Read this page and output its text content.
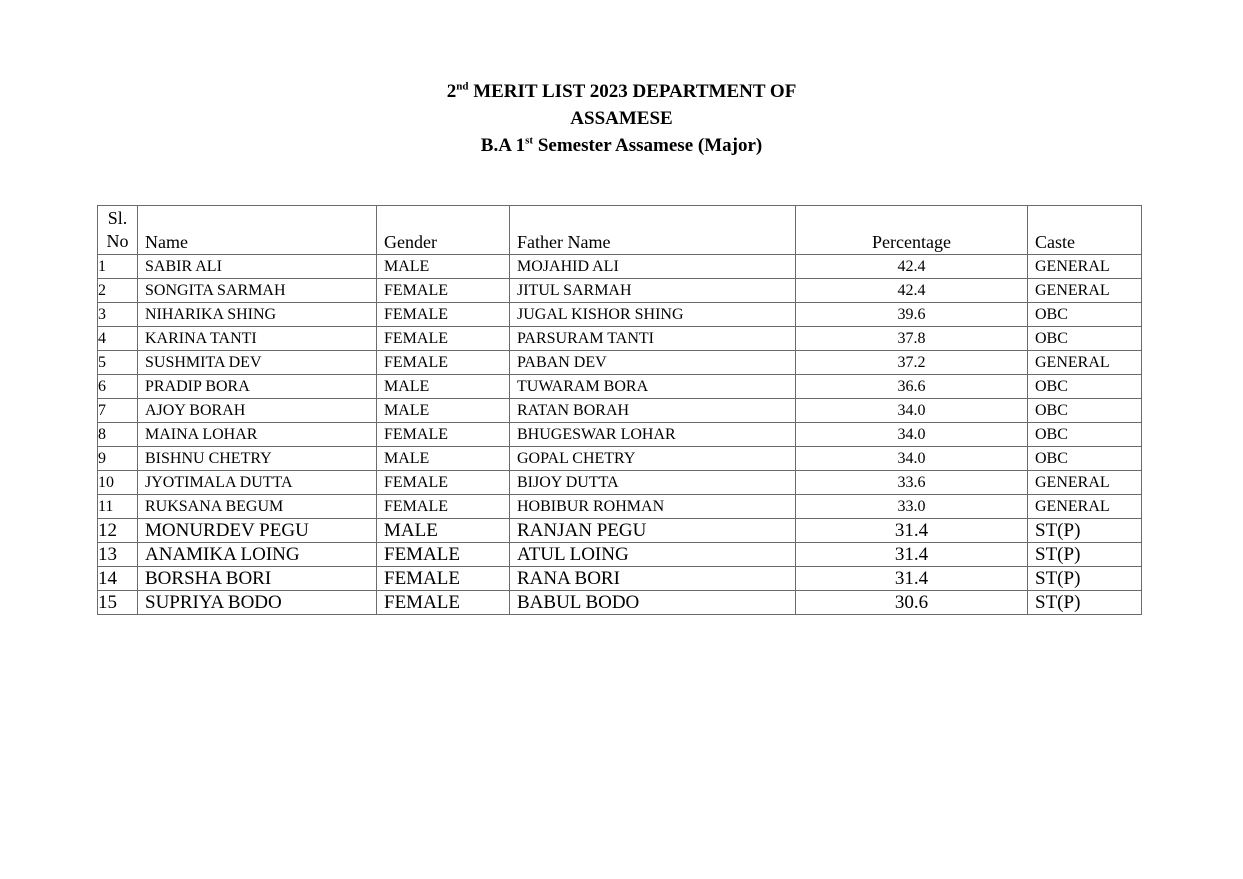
2nd MERIT LIST 2023 DEPARTMENT OF
ASSAMESE
B.A 1st Semester Assamese (Major)
Sl.
No	Name	Gender	Father Name	Percentage	Caste
1	SABIR ALI	MALE	MOJAHID ALI	42.4	GENERAL
2	SONGITA SARMAH	FEMALE	JITUL SARMAH	42.4	GENERAL
3	NIHARIKA SHING	FEMALE	JUGAL KISHOR SHING	39.6	OBC
4	KARINA TANTI	FEMALE	PARSURAM TANTI	37.8	OBC
5	SUSHMITA DEV	FEMALE	PABAN DEV	37.2	GENERAL
6	PRADIP BORA	MALE	TUWARAM BORA	36.6	OBC
7	AJOY BORAH	MALE	RATAN BORAH	34.0	OBC
8	MAINA LOHAR	FEMALE	BHUGESWAR LOHAR	34.0	OBC
9	BISHNU CHETRY	MALE	GOPAL CHETRY	34.0	OBC
10	JYOTIMALA DUTTA	FEMALE	BIJOY DUTTA	33.6	GENERAL
11	RUKSANA BEGUM	FEMALE	HOBIBUR ROHMAN	33.0	GENERAL
12	MONURDEV PEGU	MALE	RANJAN PEGU	31.4	ST(P)
13	ANAMIKA LOING	FEMALE	ATUL LOING	31.4	ST(P)
14	BORSHA BORI	FEMALE	RANA BORI	31.4	ST(P)
15	SUPRIYA BODO	FEMALE	BABUL BODO	30.6	ST(P)
